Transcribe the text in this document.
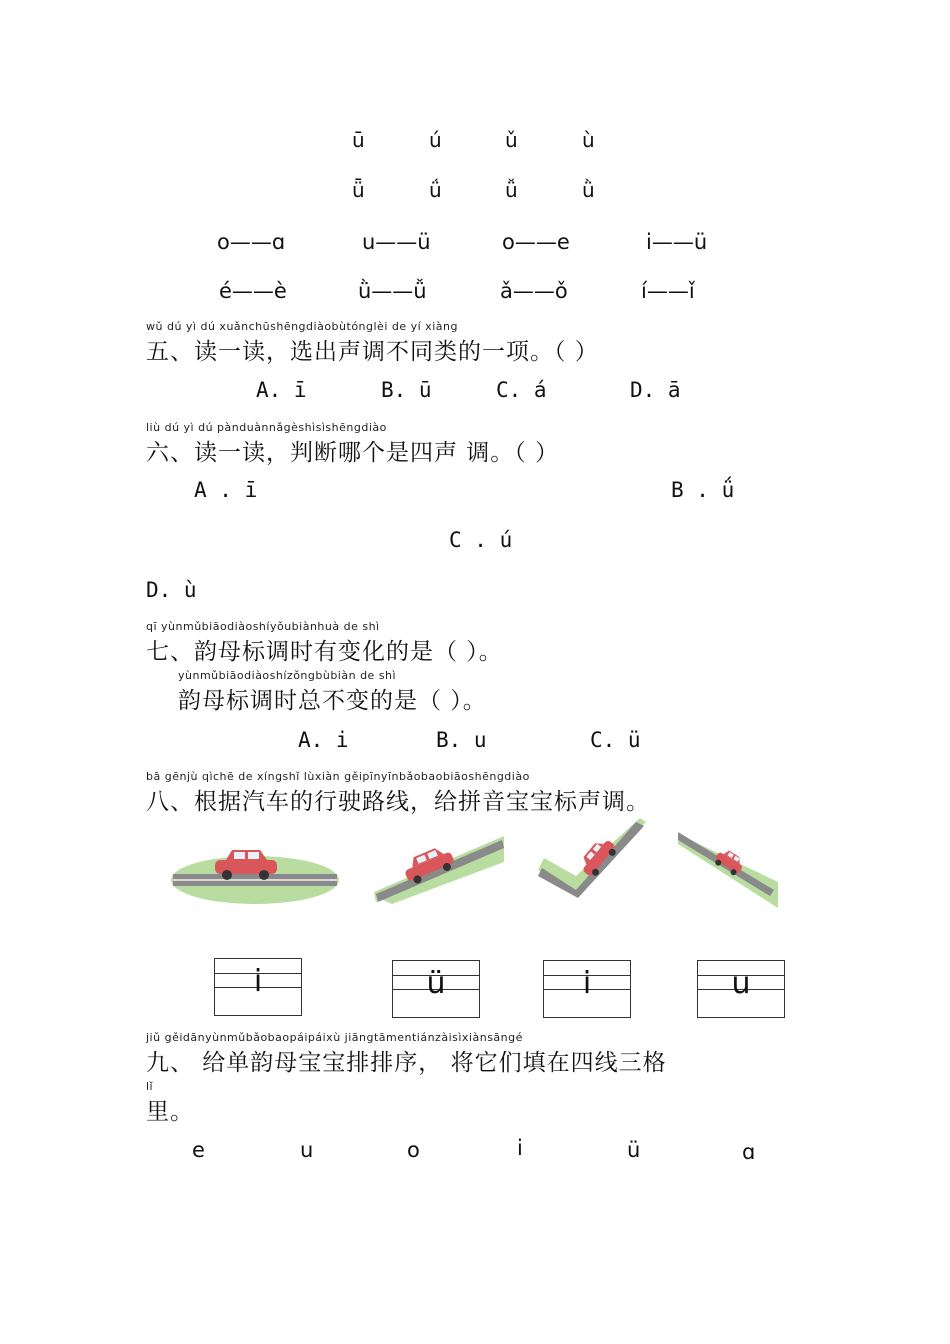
ū	ú	ǔ	ù
ǖ	ǘ	ǚ	ǜ
o——ɑ	u——ü	o——e	i——ü
é——è	ǜ——ǚ	ǎ——ǒ	í——ǐ
wǔ dú yì dú xuǎnchūshēngdiàobùtónglèi de yí xiàng
五、读一读，选出声调不同类的一项。（ ）
A. ī	B. ū	C. á	D. ā
liù dú yì dú pànduànnǎgèshìsìshēngdiào
六、读一读，判断哪个是四声 调。（ ）
A . ī	B . ǘ
C . ú
D. ù
qī yùnmǔbiāodiàoshíyǒubiànhuà de shì
七、韵母标调时有变化的是（ ）。
yùnmǔbiāodiàoshízǒngbùbiàn de shì
韵母标调时总不变的是（ ）。
A. i	B. u	C. ü
bā gēnjù qìchē de xíngshǐ lùxiàn gěipīnyīnbǎobaobiāoshēngdiào
八、根据汽车的行驶路线，给拼音宝宝标声调。
i	ü	i	u
jiǔ gěidānyùnmǔbǎobaopáipáixù jiāngtāmentiánzàisìxiànsāngé
九、 给单韵母宝宝排排序， 将它们填在四线三格
lǐ
里。
e	u	o	i	ü	ɑ
